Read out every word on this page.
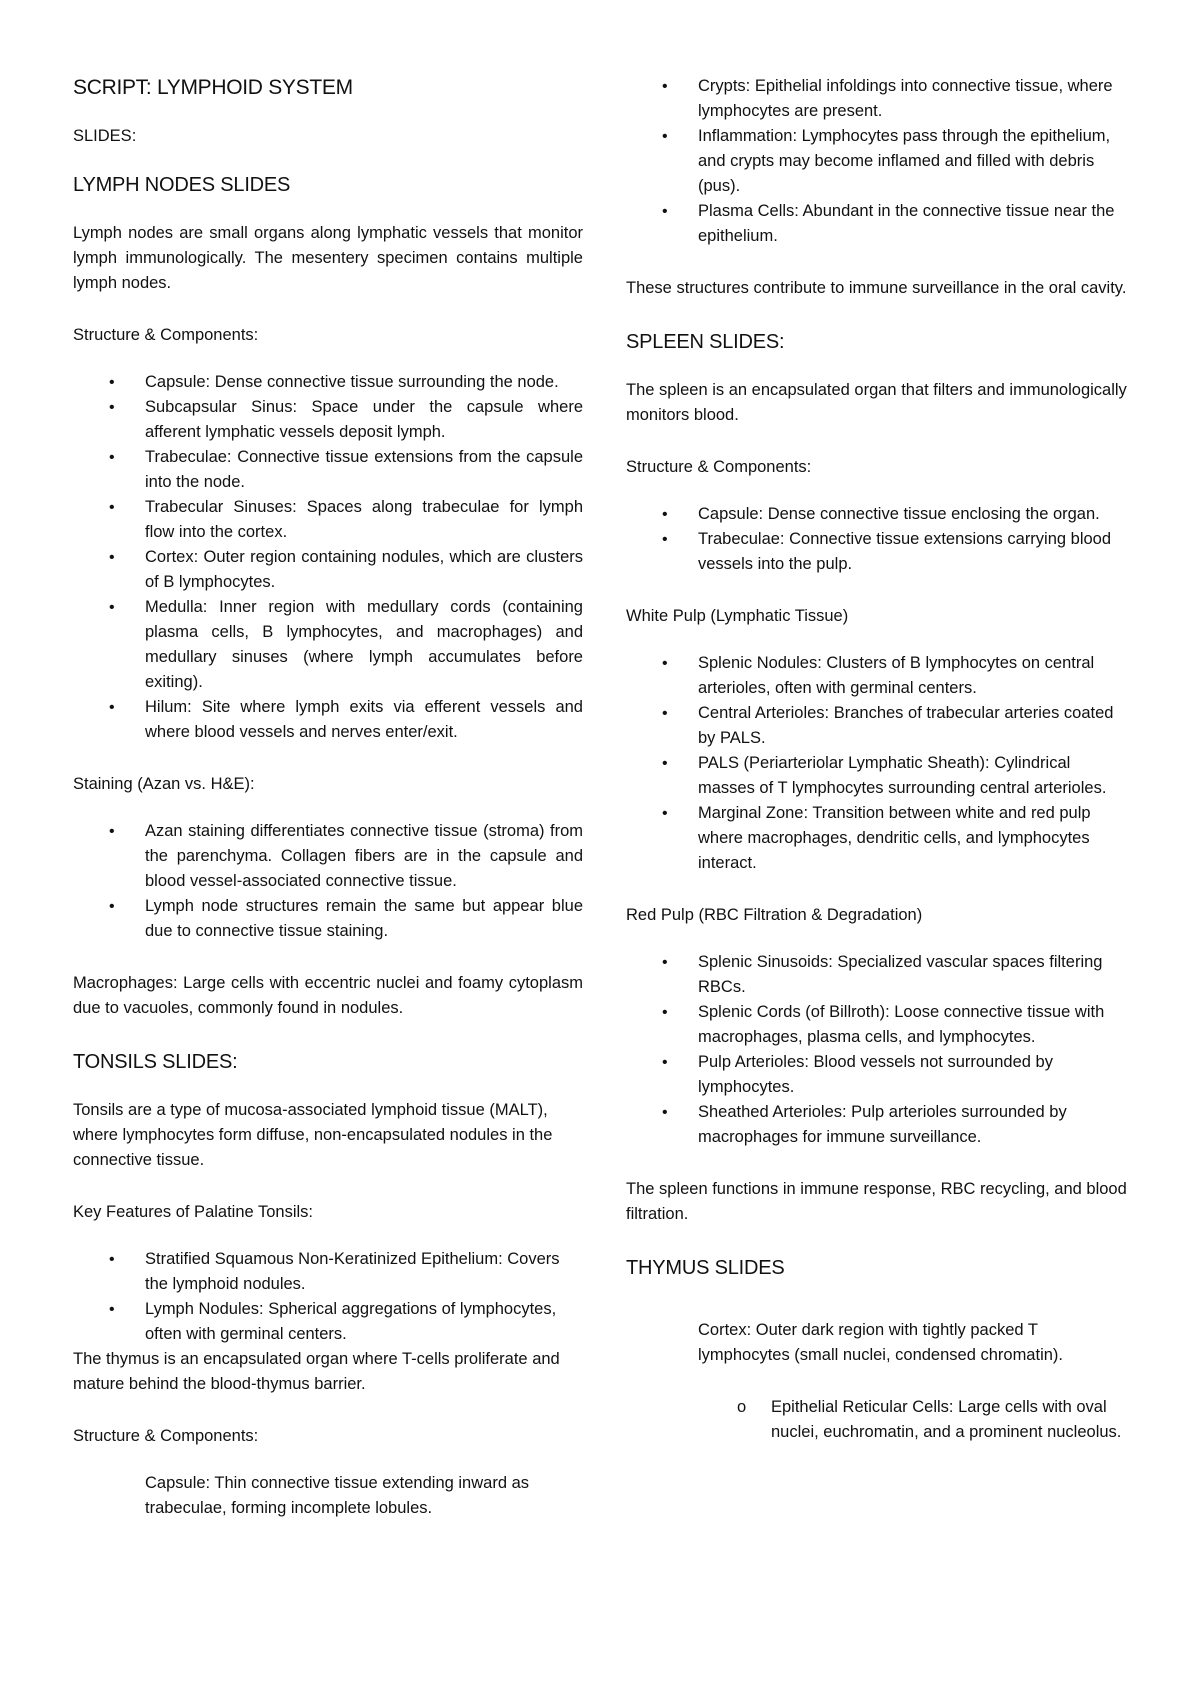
SCRIPT: LYMPHOID SYSTEM
SLIDES:
LYMPH NODES SLIDES
Lymph nodes are small organs along lymphatic vessels that monitor lymph immunologically. The mesentery specimen contains multiple lymph nodes.
Structure & Components:
• Capsule: Dense connective tissue surrounding the node.
• Subcapsular Sinus: Space under the capsule where afferent lymphatic vessels deposit lymph.
• Trabeculae: Connective tissue extensions from the capsule into the node.
• Trabecular Sinuses: Spaces along trabeculae for lymph flow into the cortex.
• Cortex: Outer region containing nodules, which are clusters of B lymphocytes.
• Medulla: Inner region with medullary cords (containing plasma cells, B lymphocytes, and macrophages) and medullary sinuses (where lymph accumulates before exiting).
• Hilum: Site where lymph exits via efferent vessels and where blood vessels and nerves enter/exit.
Staining (Azan vs. H&E):
• Azan staining differentiates connective tissue (stroma) from the parenchyma. Collagen fibers are in the capsule and blood vessel-associated connective tissue.
• Lymph node structures remain the same but appear blue due to connective tissue staining.
Macrophages: Large cells with eccentric nuclei and foamy cytoplasm due to vacuoles, commonly found in nodules.
TONSILS SLIDES:
Tonsils are a type of mucosa-associated lymphoid tissue (MALT), where lymphocytes form diffuse, non-encapsulated nodules in the connective tissue.
Key Features of Palatine Tonsils:
• Stratified Squamous Non-Keratinized Epithelium: Covers the lymphoid nodules.
• Lymph Nodules: Spherical aggregations of lymphocytes, often with germinal centers.
The thymus is an encapsulated organ where T-cells proliferate and mature behind the blood-thymus barrier.
Structure & Components:
Capsule: Thin connective tissue extending inward as trabeculae, forming incomplete lobules.
• Crypts: Epithelial infoldings into connective tissue, where lymphocytes are present.
• Inflammation: Lymphocytes pass through the epithelium, and crypts may become inflamed and filled with debris (pus).
• Plasma Cells: Abundant in the connective tissue near the epithelium.
These structures contribute to immune surveillance in the oral cavity.
SPLEEN SLIDES:
The spleen is an encapsulated organ that filters and immunologically monitors blood.
Structure & Components:
• Capsule: Dense connective tissue enclosing the organ.
• Trabeculae: Connective tissue extensions carrying blood vessels into the pulp.
White Pulp (Lymphatic Tissue)
• Splenic Nodules: Clusters of B lymphocytes on central arterioles, often with germinal centers.
• Central Arterioles: Branches of trabecular arteries coated by PALS.
• PALS (Periarteriolar Lymphatic Sheath): Cylindrical masses of T lymphocytes surrounding central arterioles.
• Marginal Zone: Transition between white and red pulp where macrophages, dendritic cells, and lymphocytes interact.
Red Pulp (RBC Filtration & Degradation)
• Splenic Sinusoids: Specialized vascular spaces filtering RBCs.
• Splenic Cords (of Billroth): Loose connective tissue with macrophages, plasma cells, and lymphocytes.
• Pulp Arterioles: Blood vessels not surrounded by lymphocytes.
• Sheathed Arterioles: Pulp arterioles surrounded by macrophages for immune surveillance.
The spleen functions in immune response, RBC recycling, and blood filtration.
THYMUS SLIDES
Cortex: Outer dark region with tightly packed T lymphocytes (small nuclei, condensed chromatin).
o Epithelial Reticular Cells: Large cells with oval nuclei, euchromatin, and a prominent nucleolus.
